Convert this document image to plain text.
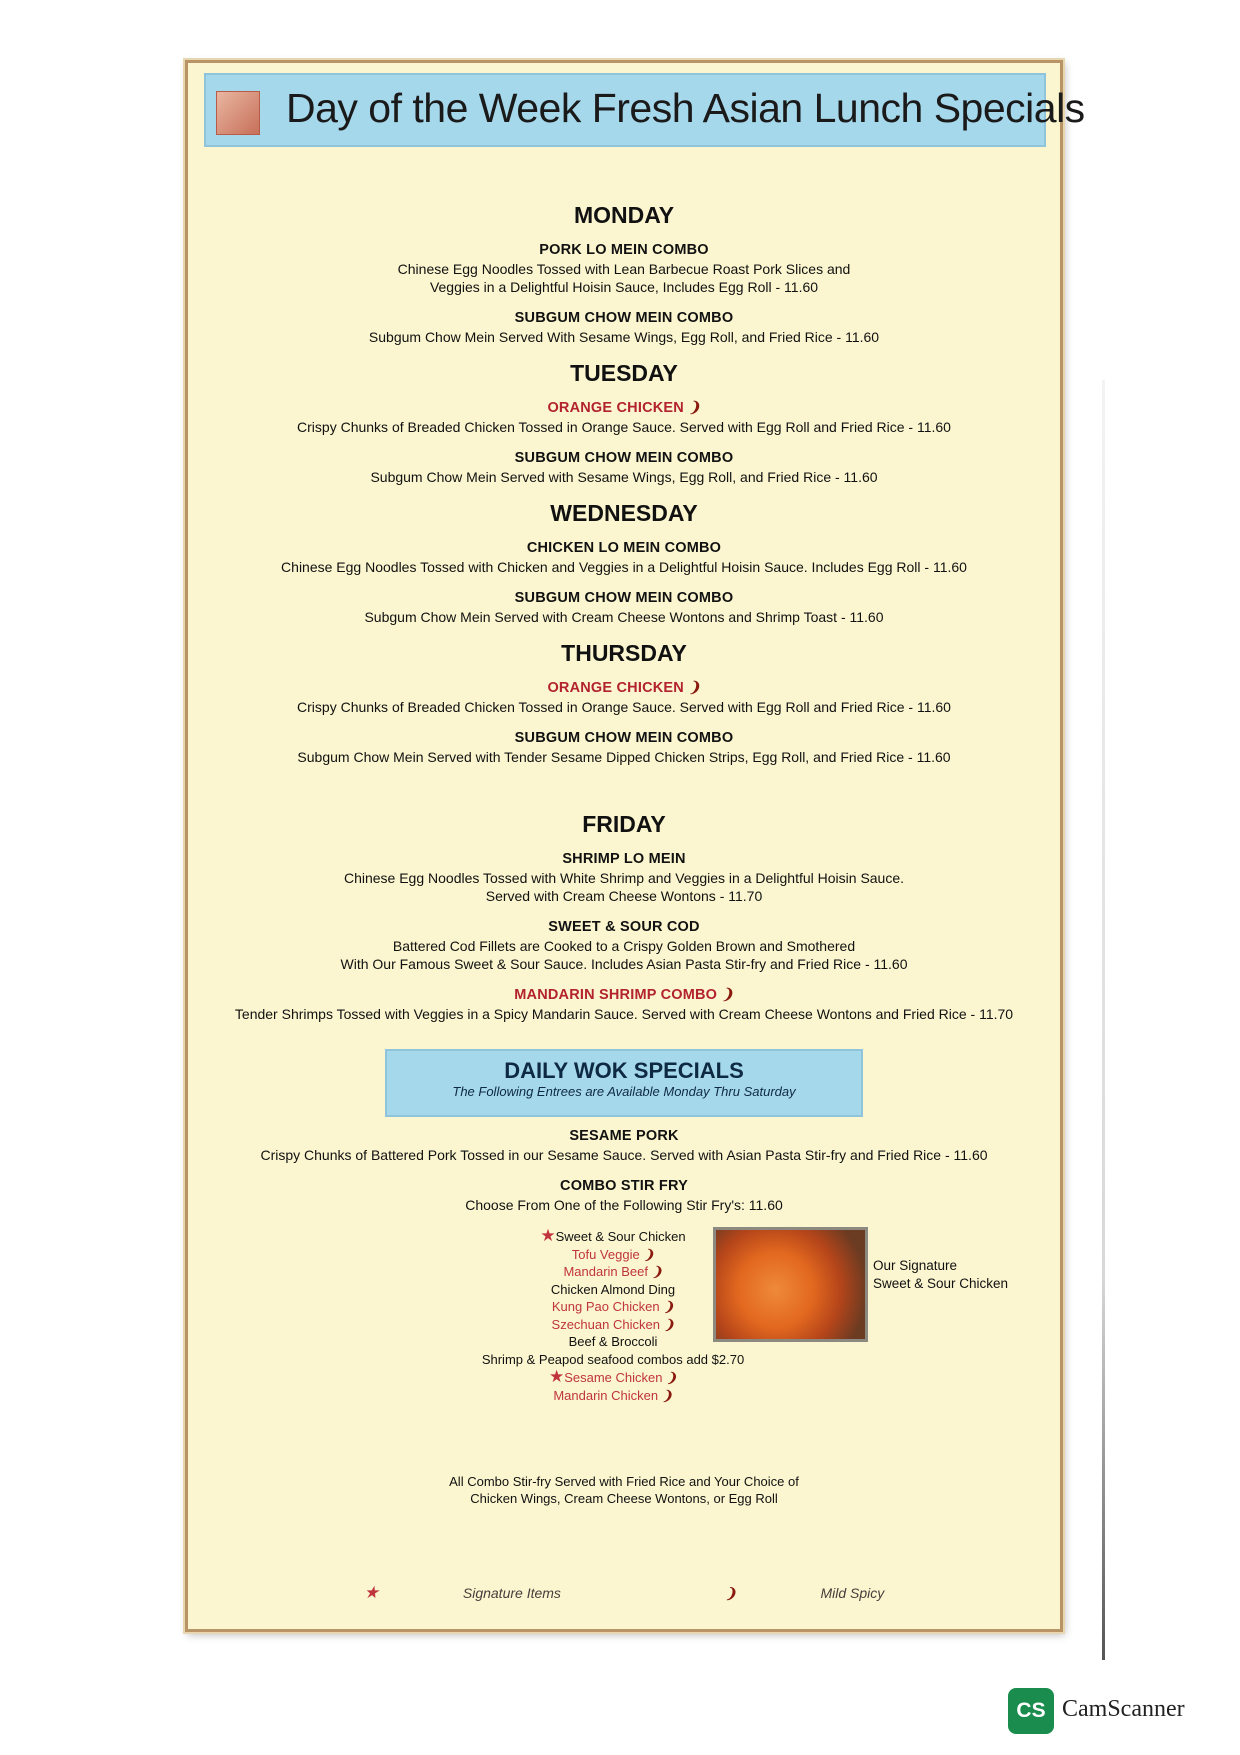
Day of the Week Fresh Asian Lunch Specials
MONDAY
PORK LO MEIN COMBO
Chinese Egg Noodles Tossed with Lean Barbecue Roast Pork Slices and
Veggies in a Delightful Hoisin Sauce, Includes Egg Roll - 11.60
SUBGUM CHOW MEIN COMBO
Subgum Chow Mein Served With Sesame Wings, Egg Roll, and Fried Rice - 11.60
TUESDAY
ORANGE CHICKEN ❩
Crispy Chunks of Breaded Chicken Tossed in Orange Sauce. Served with Egg Roll and Fried Rice - 11.60
SUBGUM CHOW MEIN COMBO
Subgum Chow Mein Served with Sesame Wings, Egg Roll, and Fried Rice - 11.60
WEDNESDAY
CHICKEN LO MEIN COMBO
Chinese Egg Noodles Tossed with Chicken and Veggies in a Delightful Hoisin Sauce. Includes Egg Roll - 11.60
SUBGUM CHOW MEIN COMBO
Subgum Chow Mein Served with Cream Cheese Wontons and Shrimp Toast - 11.60
THURSDAY
ORANGE CHICKEN ❩
Crispy Chunks of Breaded Chicken Tossed in Orange Sauce. Served with Egg Roll and Fried Rice - 11.60
SUBGUM CHOW MEIN COMBO
Subgum Chow Mein Served with Tender Sesame Dipped Chicken Strips, Egg Roll, and Fried Rice - 11.60
FRIDAY
SHRIMP LO MEIN
Chinese Egg Noodles Tossed with White Shrimp and Veggies in a Delightful Hoisin Sauce.
Served with Cream Cheese Wontons - 11.70
SWEET & SOUR COD
Battered Cod Fillets are Cooked to a Crispy Golden Brown and Smothered
With Our Famous Sweet & Sour Sauce. Includes Asian Pasta Stir-fry and Fried Rice - 11.60
MANDARIN SHRIMP COMBO ❩
Tender Shrimps Tossed with Veggies in a Spicy Mandarin Sauce. Served with Cream Cheese Wontons and Fried Rice - 11.70
DAILY WOK SPECIALS
The Following Entrees are Available Monday Thru Saturday
SESAME PORK
Crispy Chunks of Battered Pork Tossed in our Sesame Sauce. Served with Asian Pasta Stir-fry and Fried Rice - 11.60
COMBO STIR FRY
Choose From One of the Following Stir Fry's: 11.60
★Sweet & Sour Chicken
Tofu Veggie ❩
Mandarin Beef ❩
Chicken Almond Ding
Kung Pao Chicken ❩
Szechuan Chicken ❩
Beef & Broccoli
Shrimp & Peapod seafood combos add $2.70
★Sesame Chicken ❩
Mandarin Chicken ❩
Our Signature
Sweet & Sour Chicken
All Combo Stir-fry Served with Fried Rice and Your Choice of
Chicken Wings, Cream Cheese Wontons, or Egg Roll
★	Signature Items	❩	Mild Spicy
CS CamScanner
